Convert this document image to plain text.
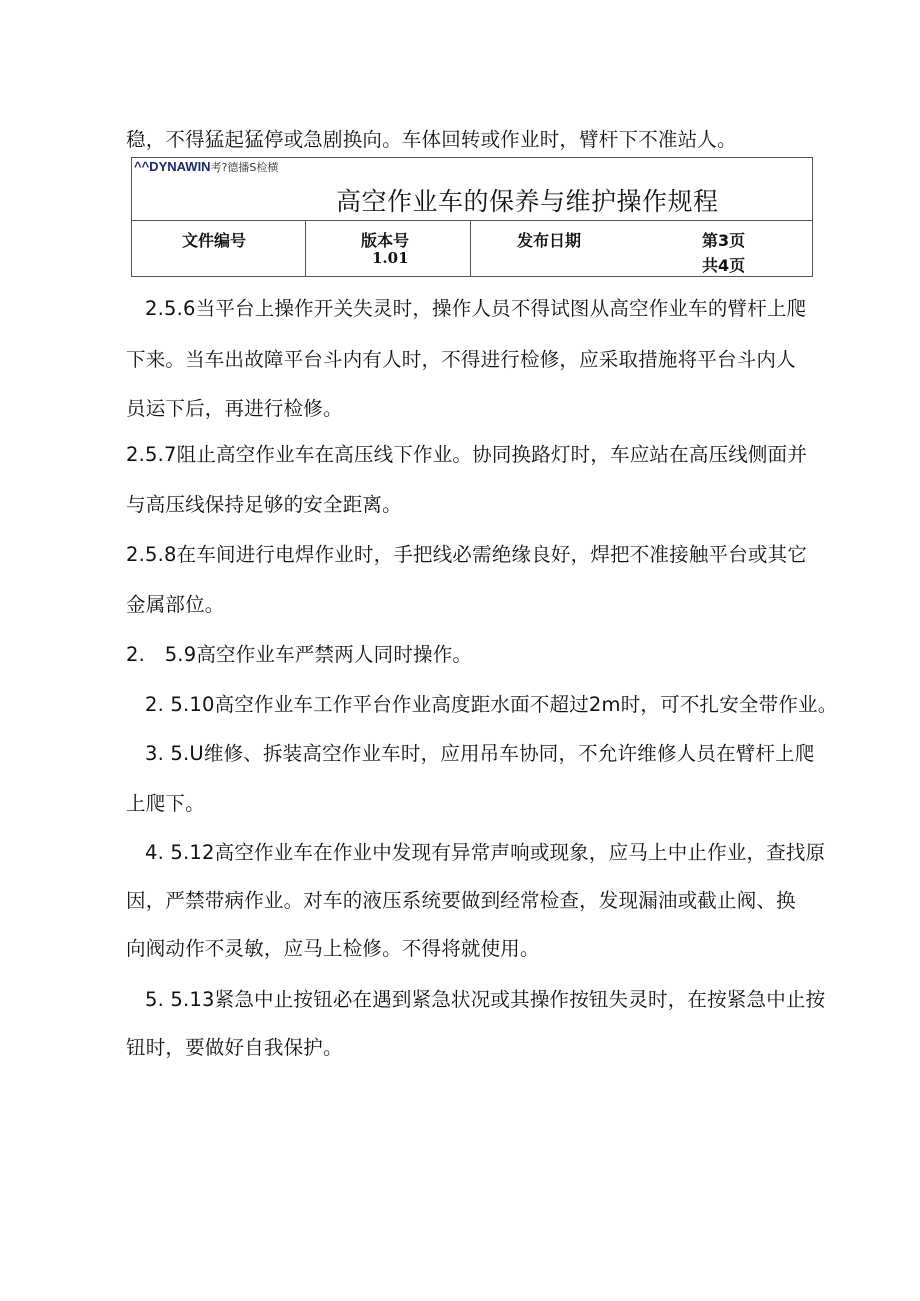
稳，不得猛起猛停或急剧换向。车体回转或作业时，臂杆下不准站人。
^^DYNAWIN考?德播S检横
高空作业车的保养与维护操作规程
文件编号	版本号
1.01
发布日期	第3页
共4页
2.5.6当平台上操作开关失灵时，操作人员不得试图从高空作业车的臂杆上爬
下来。当车出故障平台斗内有人时，不得进行检修，应采取措施将平台斗内人
员运下后，再进行检修。
2.5.7阻止高空作业车在高压线下作业。协同换路灯时，车应站在高压线侧面并
与高压线保持足够的安全距离。
2.5.8在车间进行电焊作业时，手把线必需绝缘良好，焊把不准接触平台或其它
金属部位。
2.　5.9高空作业车严禁两人同时操作。
2. 5.10高空作业车工作平台作业高度距水面不超过2m时，可不扎安全带作业。
3. 5.U维修、拆装高空作业车时，应用吊车协同，不允许维修人员在臂杆上爬
上爬下。
4. 5.12高空作业车在作业中发现有异常声响或现象，应马上中止作业，查找原
因，严禁带病作业。对车的液压系统要做到经常检查，发现漏油或截止阀、换
向阀动作不灵敏，应马上检修。不得将就使用。
5. 5.13紧急中止按钮必在遇到紧急状况或其操作按钮失灵时，在按紧急中止按
钮时，要做好自我保护。
